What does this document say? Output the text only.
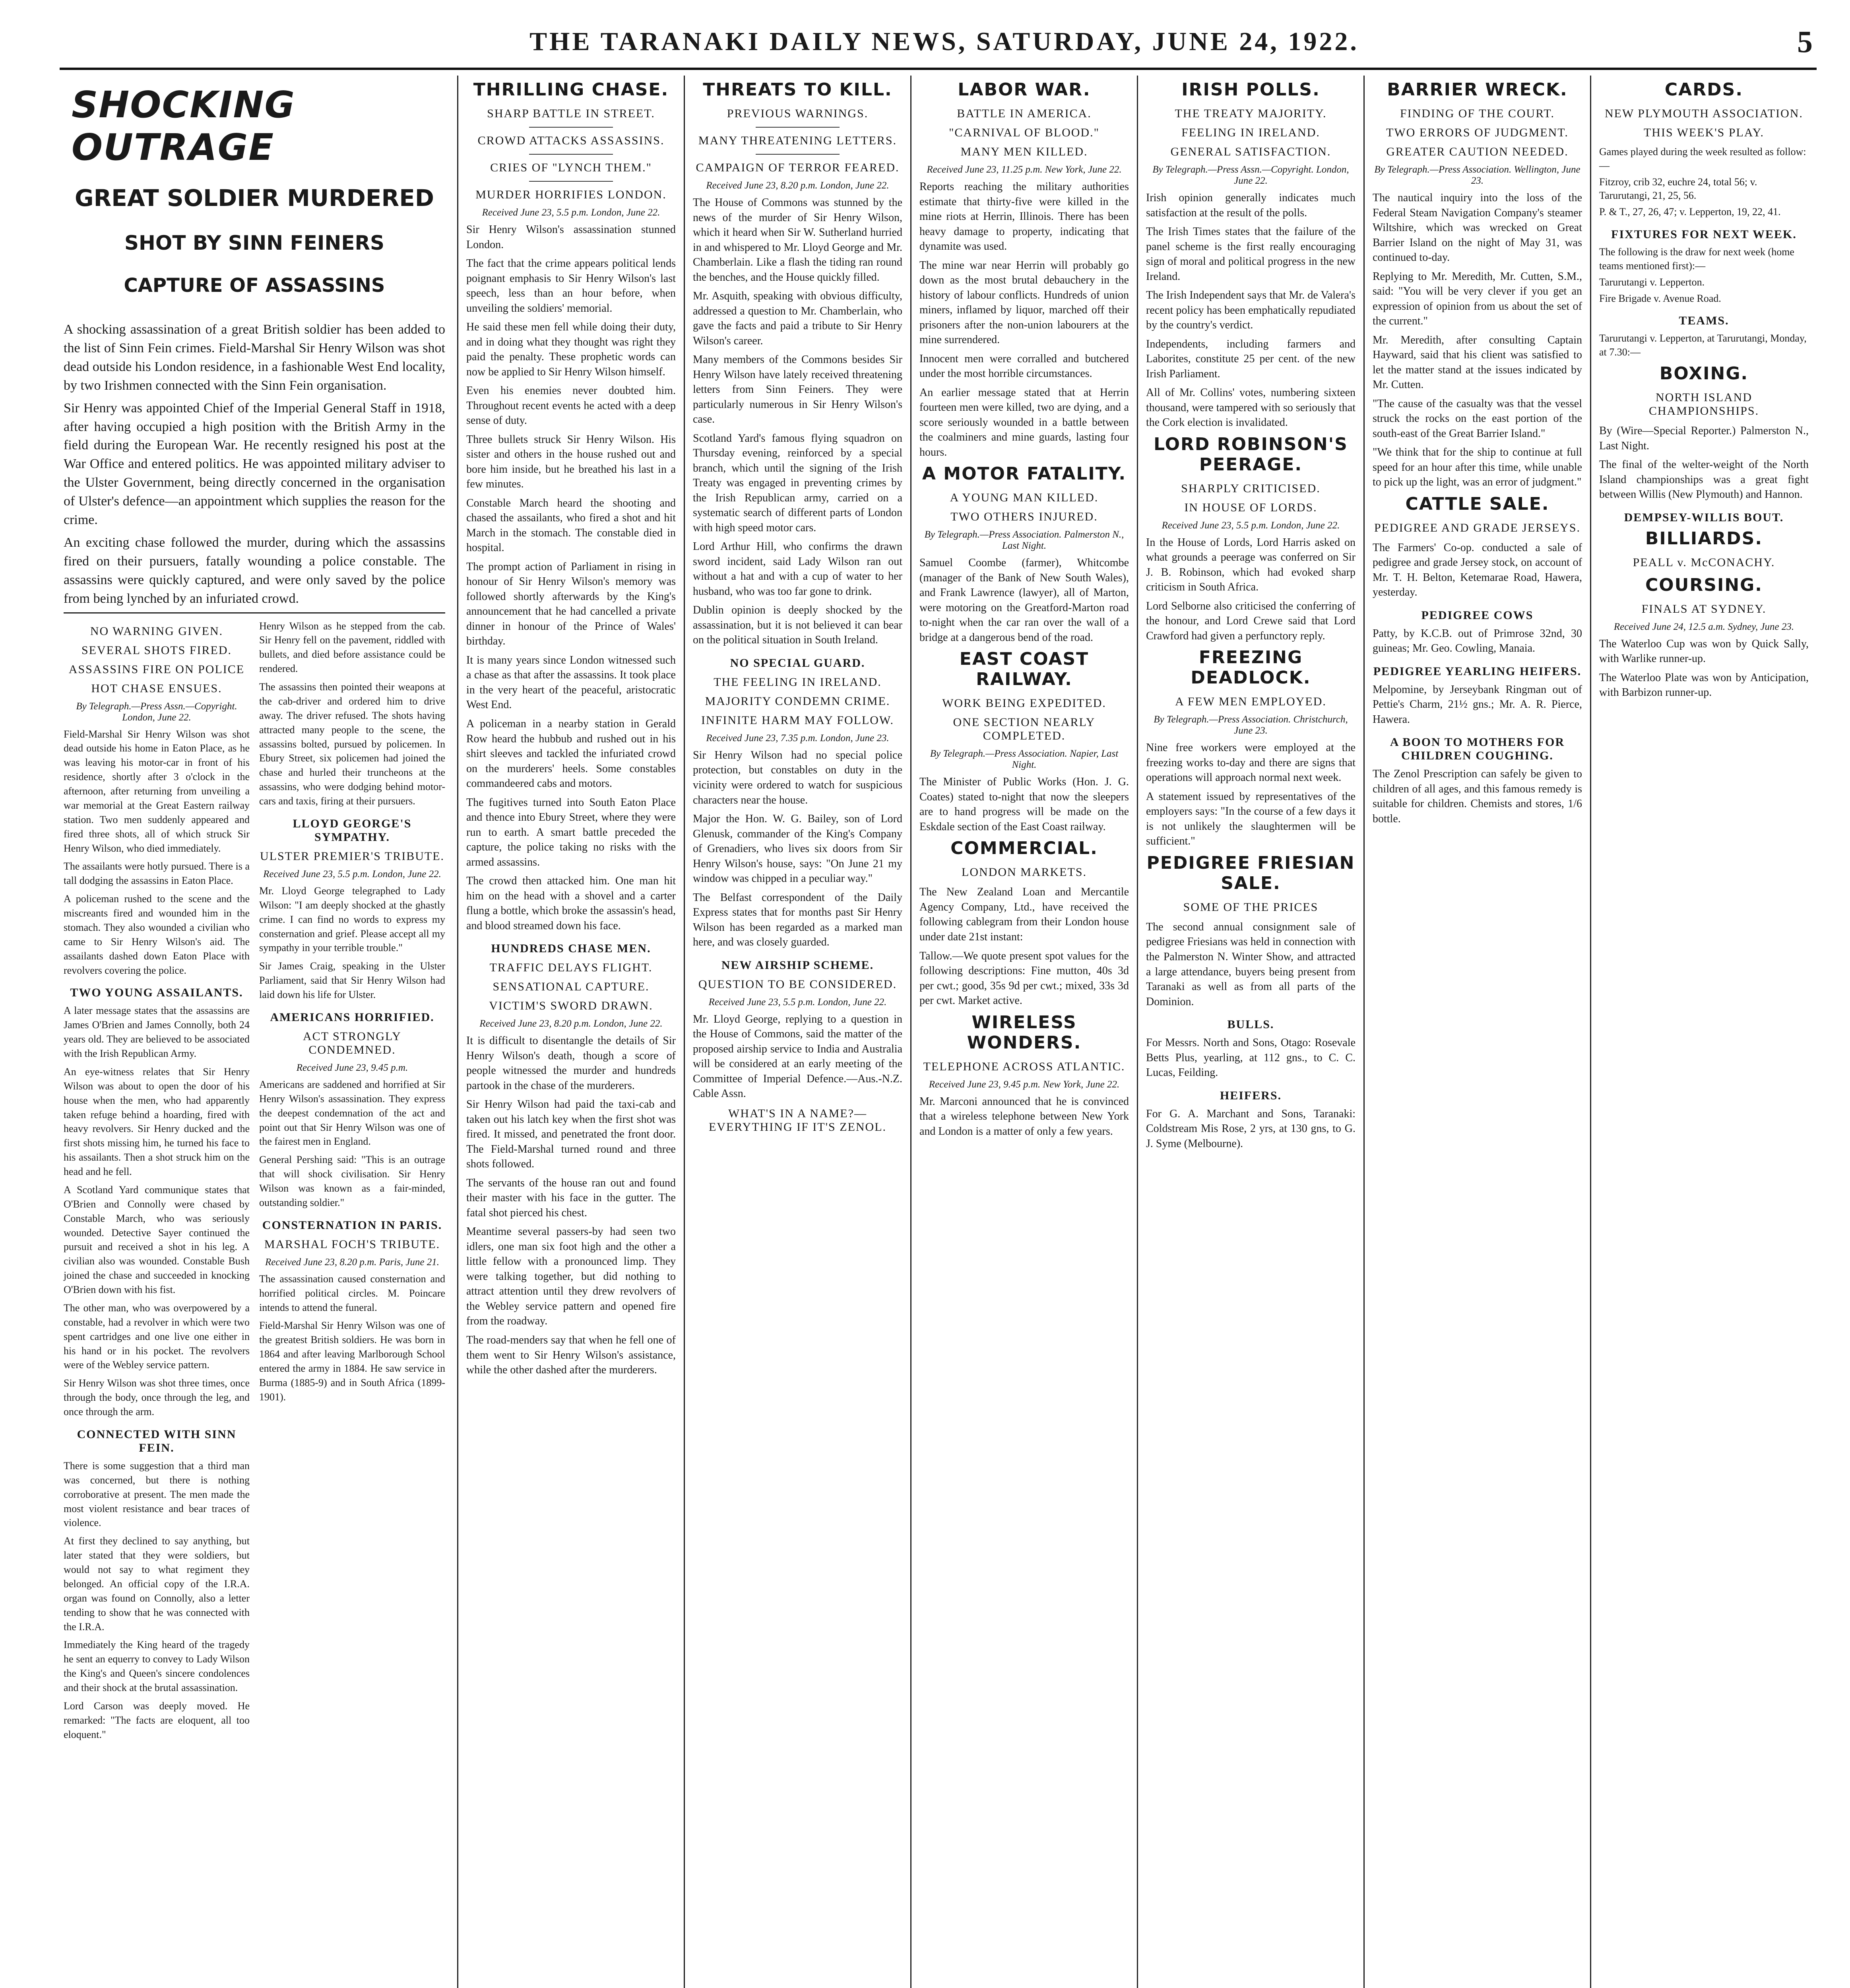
THE TARANAKI DAILY NEWS, SATURDAY, JUNE 24, 1922.	5
SHOCKING OUTRAGE
GREAT SOLDIER MURDERED
SHOT BY SINN FEINERS
CAPTURE OF ASSASSINS

A shocking assassination of a great British soldier has been added to the list of Sinn Fein crimes. Field-Marshal Sir Henry Wilson was shot dead outside his London residence, in a fashionable West End locality, by two Irishmen connected with the Sinn Fein organisation.

Sir Henry was appointed Chief of the Imperial General Staff in 1918, after having occupied a high position with the British Army in the field during the European War. He recently resigned his post at the War Office and entered politics. He was appointed military adviser to the Ulster Government, being directly concerned in the organisation of Ulster's defence—an appointment which supplies the reason for the crime.

An exciting chase followed the murder, during which the assassins fired on their pursuers, fatally wounding a police constable. The assassins were quickly captured, and were only saved by the police from being lynched by an infuriated crowd.

NO WARNING GIVEN.
SEVERAL SHOTS FIRED.
ASSASSINS FIRE ON POLICE
HOT CHASE ENSUES.
By Telegraph.—Press Assn.—Copyright. London, June 22.

Field-Marshal Sir Henry Wilson was shot dead outside his home in Eaton Place, as he was leaving his motor-car in front of his residence, shortly after 3 o'clock in the afternoon, after returning from unveiling a war memorial at the Great Eastern railway station. Two men suddenly appeared and fired three shots, all of which struck Sir Henry Wilson, who died immediately.

The assailants were hotly pursued. There is a tall dodging the assassins in Eaton Place.

A policeman rushed to the scene and the miscreants fired and wounded him in the stomach. They also wounded a civilian who came to Sir Henry Wilson's aid. The assailants dashed down Eaton Place with revolvers covering the police.

TWO YOUNG ASSAILANTS.

A later message states that the assassins are James O'Brien and James Connolly, both 24 years old. They are believed to be associated with the Irish Republican Army.

An eye-witness relates that Sir Henry Wilson was about to open the door of his house when the men, who had apparently taken refuge behind a hoarding, fired with heavy revolvers. Sir Henry ducked and the first shots missing him, he turned his face to his assailants. Then a shot struck him on the head and he fell.

A Scotland Yard communique states that O'Brien and Connolly were chased by Constable March, who was seriously wounded. Detective Sayer continued the pursuit and received a shot in his leg. A civilian also was wounded. Constable Bush joined the chase and succeeded in knocking O'Brien down with his fist.

The other man, who was overpowered by a constable, had a revolver in which were two spent cartridges and one live one either in his hand or in his pocket. The revolvers were of the Webley service pattern.

Sir Henry Wilson was shot three times, once through the body, once through the leg, and once through the arm.

CONNECTED WITH SINN FEIN.

There is some suggestion that a third man was concerned, but there is nothing corroborative at present. The men made the most violent resistance and bear traces of violence.

At first they declined to say anything, but later stated that they were soldiers, but would not say to what regiment they belonged. An official copy of the I.R.A. organ was found on Connolly, also a letter tending to show that he was connected with the I.R.A.

Immediately the King heard of the tragedy he sent an equerry to convey to Lady Wilson the King's and Queen's sincere condolences and their shock at the brutal assassination.

Lord Carson was deeply moved. He remarked: "The facts are eloquent, all too eloquent."

Henry Wilson as he stepped from the cab. Sir Henry fell on the pavement, riddled with bullets, and died before assistance could be rendered.

The assassins then pointed their weapons at the cab-driver and ordered him to drive away. The driver refused. The shots having attracted many people to the scene, the assassins bolted, pursued by policemen. In Ebury Street, six policemen had joined the chase and hurled their truncheons at the assassins, who were dodging behind motor-cars and taxis, firing at their pursuers.

LLOYD GEORGE'S SYMPATHY.
ULSTER PREMIER'S TRIBUTE.
Received June 23, 5.5 p.m. London, June 22.

Mr. Lloyd George telegraphed to Lady Wilson: "I am deeply shocked at the ghastly crime. I can find no words to express my consternation and grief. Please accept all my sympathy in your terrible trouble."

Sir James Craig, speaking in the Ulster Parliament, said that Sir Henry Wilson had laid down his life for Ulster.

AMERICANS HORRIFIED.
ACT STRONGLY CONDEMNED.
Received June 23, 9.45 p.m.

Americans are saddened and horrified at Sir Henry Wilson's assassination. They express the deepest condemnation of the act and point out that Sir Henry Wilson was one of the fairest men in England.

General Pershing said: "This is an outrage that will shock civilisation. Sir Henry Wilson was known as a fair-minded, outstanding soldier."

CONSTERNATION IN PARIS.
MARSHAL FOCH'S TRIBUTE.
Received June 23, 8.20 p.m. Paris, June 21.

The assassination caused consternation and horrified political circles. M. Poincare intends to attend the funeral.

Field-Marshal Sir Henry Wilson was one of the greatest British soldiers. He was born in 1864 and after leaving Marlborough School entered the army in 1884. He saw service in Burma (1885-9) and in South Africa (1899-1901).

THRILLING CHASE.
SHARP BATTLE IN STREET.
CROWD ATTACKS ASSASSINS.
CRIES OF "LYNCH THEM."
MURDER HORRIFIES LONDON.
Received June 23, 5.5 p.m. London, June 22.

Sir Henry Wilson's assassination stunned London.

The fact that the crime appears political lends poignant emphasis to Sir Henry Wilson's last speech, less than an hour before, when unveiling the soldiers' memorial.

He said these men fell while doing their duty, and in doing what they thought was right they paid the penalty. These prophetic words can now be applied to Sir Henry Wilson himself.

Even his enemies never doubted him. Throughout recent events he acted with a deep sense of duty.

Three bullets struck Sir Henry Wilson. His sister and others in the house rushed out and bore him inside, but he breathed his last in a few minutes.

Constable March heard the shooting and chased the assailants, who fired a shot and hit March in the stomach. The constable died in hospital.

The prompt action of Parliament in rising in honour of Sir Henry Wilson's memory was followed shortly afterwards by the King's announcement that he had cancelled a private dinner in honour of the Prince of Wales' birthday.

It is many years since London witnessed such a chase as that after the assassins. It took place in the very heart of the peaceful, aristocratic West End.

A policeman in a nearby station in Gerald Row heard the hubbub and rushed out in his shirt sleeves and tackled the infuriated crowd on the murderers' heels. Some constables commandeered cabs and motors.

The fugitives turned into South Eaton Place and thence into Ebury Street, where they were run to earth. A smart battle preceded the capture, the police taking no risks with the armed assassins.

The crowd then attacked him. One man hit him on the head with a shovel and a carter flung a bottle, which broke the assassin's head, and blood streamed down his face.

HUNDREDS CHASE MEN.
TRAFFIC DELAYS FLIGHT.
SENSATIONAL CAPTURE.
VICTIM'S SWORD DRAWN.
Received June 23, 8.20 p.m. London, June 22.

It is difficult to disentangle the details of Sir Henry Wilson's death, though a score of people witnessed the murder and hundreds partook in the chase of the murderers.

Sir Henry Wilson had paid the taxi-cab and taken out his latch key when the first shot was fired. It missed, and penetrated the front door. The Field-Marshal turned round and three shots followed.

The servants of the house ran out and found their master with his face in the gutter. The fatal shot pierced his chest.

Meantime several passers-by had seen two idlers, one man six foot high and the other a little fellow with a pronounced limp. They were talking together, but did nothing to attract attention until they drew revolvers of the Webley service pattern and opened fire from the roadway.

The road-menders say that when he fell one of them went to Sir Henry Wilson's assistance, while the other dashed after the murderers.

THREATS TO KILL.
PREVIOUS WARNINGS.
MANY THREATENING LETTERS.
CAMPAIGN OF TERROR FEARED.
Received June 23, 8.20 p.m. London, June 22.

The House of Commons was stunned by the news of the murder of Sir Henry Wilson, which it heard when Sir W. Sutherland hurried in and whispered to Mr. Lloyd George and Mr. Chamberlain. Like a flash the tiding ran round the benches, and the House quickly filled.

Mr. Asquith, speaking with obvious difficulty, addressed a question to Mr. Chamberlain, who gave the facts and paid a tribute to Sir Henry Wilson's career.

Many members of the Commons besides Sir Henry Wilson have lately received threatening letters from Sinn Feiners. They were particularly numerous in Sir Henry Wilson's case.

Scotland Yard's famous flying squadron on Thursday evening, reinforced by a special branch, which until the signing of the Irish Treaty was engaged in preventing crimes by the Irish Republican army, carried on a systematic search of different parts of London with high speed motor cars.

Lord Arthur Hill, who confirms the drawn sword incident, said Lady Wilson ran out without a hat and with a cup of water to her husband, who was too far gone to drink.

Dublin opinion is deeply shocked by the assassination, but it is not believed it can bear on the political situation in South Ireland.

NO SPECIAL GUARD.
THE FEELING IN IRELAND.
MAJORITY CONDEMN CRIME.
INFINITE HARM MAY FOLLOW.
Received June 23, 7.35 p.m. London, June 23.

Sir Henry Wilson had no special police protection, but constables on duty in the vicinity were ordered to watch for suspicious characters near the house.

Major the Hon. W. G. Bailey, son of Lord Glenusk, commander of the King's Company of Grenadiers, who lives six doors from Sir Henry Wilson's house, says: "On June 21 my window was chipped in a peculiar way."

The Belfast correspondent of the Daily Express states that for months past Sir Henry Wilson has been regarded as a marked man here, and was closely guarded.

NEW AIRSHIP SCHEME.
QUESTION TO BE CONSIDERED.
Received June 23, 5.5 p.m. London, June 22.

Mr. Lloyd George, replying to a question in the House of Commons, said the matter of the proposed airship service to India and Australia will be considered at an early meeting of the Committee of Imperial Defence.—Aus.-N.Z. Cable Assn.

WHAT'S IN A NAME?—EVERYTHING IF IT'S ZENOL.
LABOR WAR.
BATTLE IN AMERICA.
"CARNIVAL OF BLOOD."
MANY MEN KILLED.
Received June 23, 11.25 p.m. New York, June 22.

Reports reaching the military authorities estimate that thirty-five were killed in the mine riots at Herrin, Illinois. There has been heavy damage to property, indicating that dynamite was used.

The mine war near Herrin will probably go down as the most brutal debauchery in the history of labour conflicts. Hundreds of union miners, inflamed by liquor, marched off their prisoners after the non-union labourers at the mine surrendered.

Innocent men were corralled and butchered under the most horrible circumstances.

An earlier message stated that at Herrin fourteen men were killed, two are dying, and a score seriously wounded in a battle between the coalminers and mine guards, lasting four hours.

A MOTOR FATALITY.
A YOUNG MAN KILLED.
TWO OTHERS INJURED.
By Telegraph.—Press Association. Palmerston N., Last Night.

Samuel Coombe (farmer), Whitcombe (manager of the Bank of New South Wales), and Frank Lawrence (lawyer), all of Marton, were motoring on the Greatford-Marton road to-night when the car ran over the wall of a bridge at a dangerous bend of the road.

EAST COAST RAILWAY.
WORK BEING EXPEDITED.
ONE SECTION NEARLY COMPLETED.
By Telegraph.—Press Association. Napier, Last Night.

The Minister of Public Works (Hon. J. G. Coates) stated to-night that now the sleepers are to hand progress will be made on the Eskdale section of the East Coast railway.

COMMERCIAL.
LONDON MARKETS.

The New Zealand Loan and Mercantile Agency Company, Ltd., have received the following cablegram from their London house under date 21st instant:

Tallow.—We quote present spot values for the following descriptions: Fine mutton, 40s 3d per cwt.; good, 35s 9d per cwt.; mixed, 33s 3d per cwt. Market active.

WIRELESS WONDERS.
TELEPHONE ACROSS ATLANTIC.
Received June 23, 9.45 p.m. New York, June 22.

Mr. Marconi announced that he is convinced that a wireless telephone between New York and London is a matter of only a few years.

IRISH POLLS.
THE TREATY MAJORITY.
FEELING IN IRELAND.
GENERAL SATISFACTION.
By Telegraph.—Press Assn.—Copyright. London, June 22.

Irish opinion generally indicates much satisfaction at the result of the polls.

The Irish Times states that the failure of the panel scheme is the first really encouraging sign of moral and political progress in the new Ireland.

The Irish Independent says that Mr. de Valera's recent policy has been emphatically repudiated by the country's verdict.

Independents, including farmers and Laborites, constitute 25 per cent. of the new Irish Parliament.

All of Mr. Collins' votes, numbering sixteen thousand, were tampered with so seriously that the Cork election is invalidated.

LORD ROBINSON'S PEERAGE.
SHARPLY CRITICISED.
IN HOUSE OF LORDS.
Received June 23, 5.5 p.m. London, June 22.

In the House of Lords, Lord Harris asked on what grounds a peerage was conferred on Sir J. B. Robinson, which had evoked sharp criticism in South Africa.

Lord Selborne also criticised the conferring of the honour, and Lord Crewe said that Lord Crawford had given a perfunctory reply.

FREEZING DEADLOCK.
A FEW MEN EMPLOYED.
By Telegraph.—Press Association. Christchurch, June 23.

Nine free workers were employed at the freezing works to-day and there are signs that operations will approach normal next week.

A statement issued by representatives of the employers says: "In the course of a few days it is not unlikely the slaughtermen will be sufficient."

PEDIGREE FRIESIAN SALE.
SOME OF THE PRICES

The second annual consignment sale of pedigree Friesians was held in connection with the Palmerston N. Winter Show, and attracted a large attendance, buyers being present from Taranaki as well as from all parts of the Dominion.

BULLS.

For Messrs. North and Sons, Otago: Rosevale Betts Plus, yearling, at 112 gns., to C. C. Lucas, Feilding.

HEIFERS.

For G. A. Marchant and Sons, Taranaki: Coldstream Mis Rose, 2 yrs, at 130 gns, to G. J. Syme (Melbourne).

BARRIER WRECK.
FINDING OF THE COURT.
TWO ERRORS OF JUDGMENT.
GREATER CAUTION NEEDED.
By Telegraph.—Press Association. Wellington, June 23.

The nautical inquiry into the loss of the Federal Steam Navigation Company's steamer Wiltshire, which was wrecked on Great Barrier Island on the night of May 31, was continued to-day.

Replying to Mr. Meredith, Mr. Cutten, S.M., said: "You will be very clever if you get an expression of opinion from us about the set of the current."

Mr. Meredith, after consulting Captain Hayward, said that his client was satisfied to let the matter stand at the issues indicated by Mr. Cutten.

"The cause of the casualty was that the vessel struck the rocks on the east portion of the south-east of the Great Barrier Island."

"We think that for the ship to continue at full speed for an hour after this time, while unable to pick up the light, was an error of judgment."

CATTLE SALE.
PEDIGREE AND GRADE JERSEYS.

The Farmers' Co-op. conducted a sale of pedigree and grade Jersey stock, on account of Mr. T. H. Belton, Ketemarae Road, Hawera, yesterday.

PEDIGREE COWS

Patty, by K.C.B. out of Primrose 32nd, 30 guineas; Mr. Geo. Cowling, Manaia.

PEDIGREE YEARLING HEIFERS.

Melpomine, by Jerseybank Ringman out of Pettie's Charm, 21½ gns.; Mr. A. R. Pierce, Hawera.

A BOON TO MOTHERS FOR CHILDREN COUGHING.

The Zenol Prescription can safely be given to children of all ages, and this famous remedy is suitable for children. Chemists and stores, 1/6 bottle.

CARDS.
NEW PLYMOUTH ASSOCIATION.
THIS WEEK'S PLAY.

Games played during the week resulted as follow:—

Fitzroy, crib 32, euchre 24, total 56; v. Tarurutangi, 21, 25, 56.

P. & T., 27, 26, 47; v. Lepperton, 19, 22, 41.

FIXTURES FOR NEXT WEEK.

The following is the draw for next week (home teams mentioned first):—

Tarurutangi v. Lepperton.

Fire Brigade v. Avenue Road.

TEAMS.

Tarurutangi v. Lepperton, at Tarurutangi, Monday, at 7.30:—

BOXING.
NORTH ISLAND CHAMPIONSHIPS.

By (Wire—Special Reporter.) Palmerston N., Last Night.

The final of the welter-weight of the North Island championships was a great fight between Willis (New Plymouth) and Hannon.

DEMPSEY-WILLIS BOUT.
BILLIARDS.
PEALL v. McCONACHY.
COURSING.
FINALS AT SYDNEY.
Received June 24, 12.5 a.m. Sydney, June 23.

The Waterloo Cup was won by Quick Sally, with Warlike runner-up.

The Waterloo Plate was won by Anticipation, with Barbizon runner-up.
